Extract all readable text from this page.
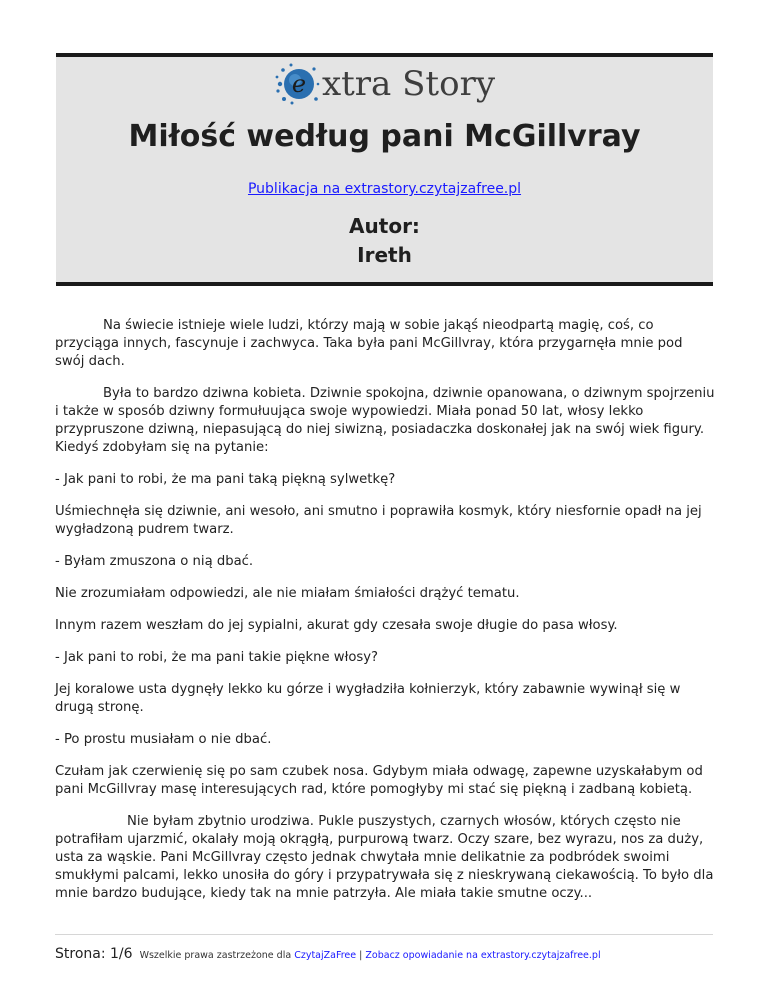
e xtra Story
Miłość według pani McGillvray
Publikacja na extrastory.czytajzafree.pl
Autor:
Ireth

Na świecie istnieje wiele ludzi, którzy mają w sobie jakąś nieodpartą magię, coś, co przyciąga innych, fascynuje i zachwyca. Taka była pani McGillvray, która przygarnęła mnie pod swój dach.

Była to bardzo dziwna kobieta. Dziwnie spokojna, dziwnie opanowana, o dziwnym spojrzeniu i także w sposób dziwny formułuująca swoje wypowiedzi. Miała ponad 50 lat, włosy lekko przypruszone dziwną, niepasującą do niej siwizną, posiadaczka doskonałej jak na swój wiek figury. Kiedyś zdobyłam się na pytanie:

- Jak pani to robi, że ma pani taką piękną sylwetkę?

Uśmiechnęła się dziwnie, ani wesoło, ani smutno i poprawiła kosmyk, który niesfornie opadł na jej wygładzoną pudrem twarz.

- Byłam zmuszona o nią dbać.

Nie zrozumiałam odpowiedzi, ale nie miałam śmiałości drążyć tematu.

Innym razem weszłam do jej sypialni, akurat gdy czesała swoje długie do pasa włosy.

- Jak pani to robi, że ma pani takie piękne włosy?

Jej koralowe usta dygnęły lekko ku górze i wygładziła kołnierzyk, który zabawnie wywinął się w drugą stronę.

- Po prostu musiałam o nie dbać.

Czułam jak czerwienię się po sam czubek nosa. Gdybym miała odwagę, zapewne uzyskałabym od pani McGillvray masę interesujących rad, które pomogłyby mi stać się piękną i zadbaną kobietą.

Nie byłam zbytnio urodziwa. Pukle puszystych, czarnych włosów, których często nie potrafiłam ujarzmić, okalały moją okrągłą, purpurową twarz. Oczy szare, bez wyrazu, nos za duży, usta za wąskie. Pani McGillvray często jednak chwytała mnie delikatnie za podbródek swoimi smukłymi palcami, lekko unosiła do góry i przypatrywała się z nieskrywaną ciekawością. To było dla mnie bardzo budujące, kiedy tak na mnie patrzyła. Ale miała takie smutne oczy...

Strona: 1/6 Wszelkie prawa zastrzeżone dla CzytajZaFree | Zobacz opowiadanie na extrastory.czytajzafree.pl
